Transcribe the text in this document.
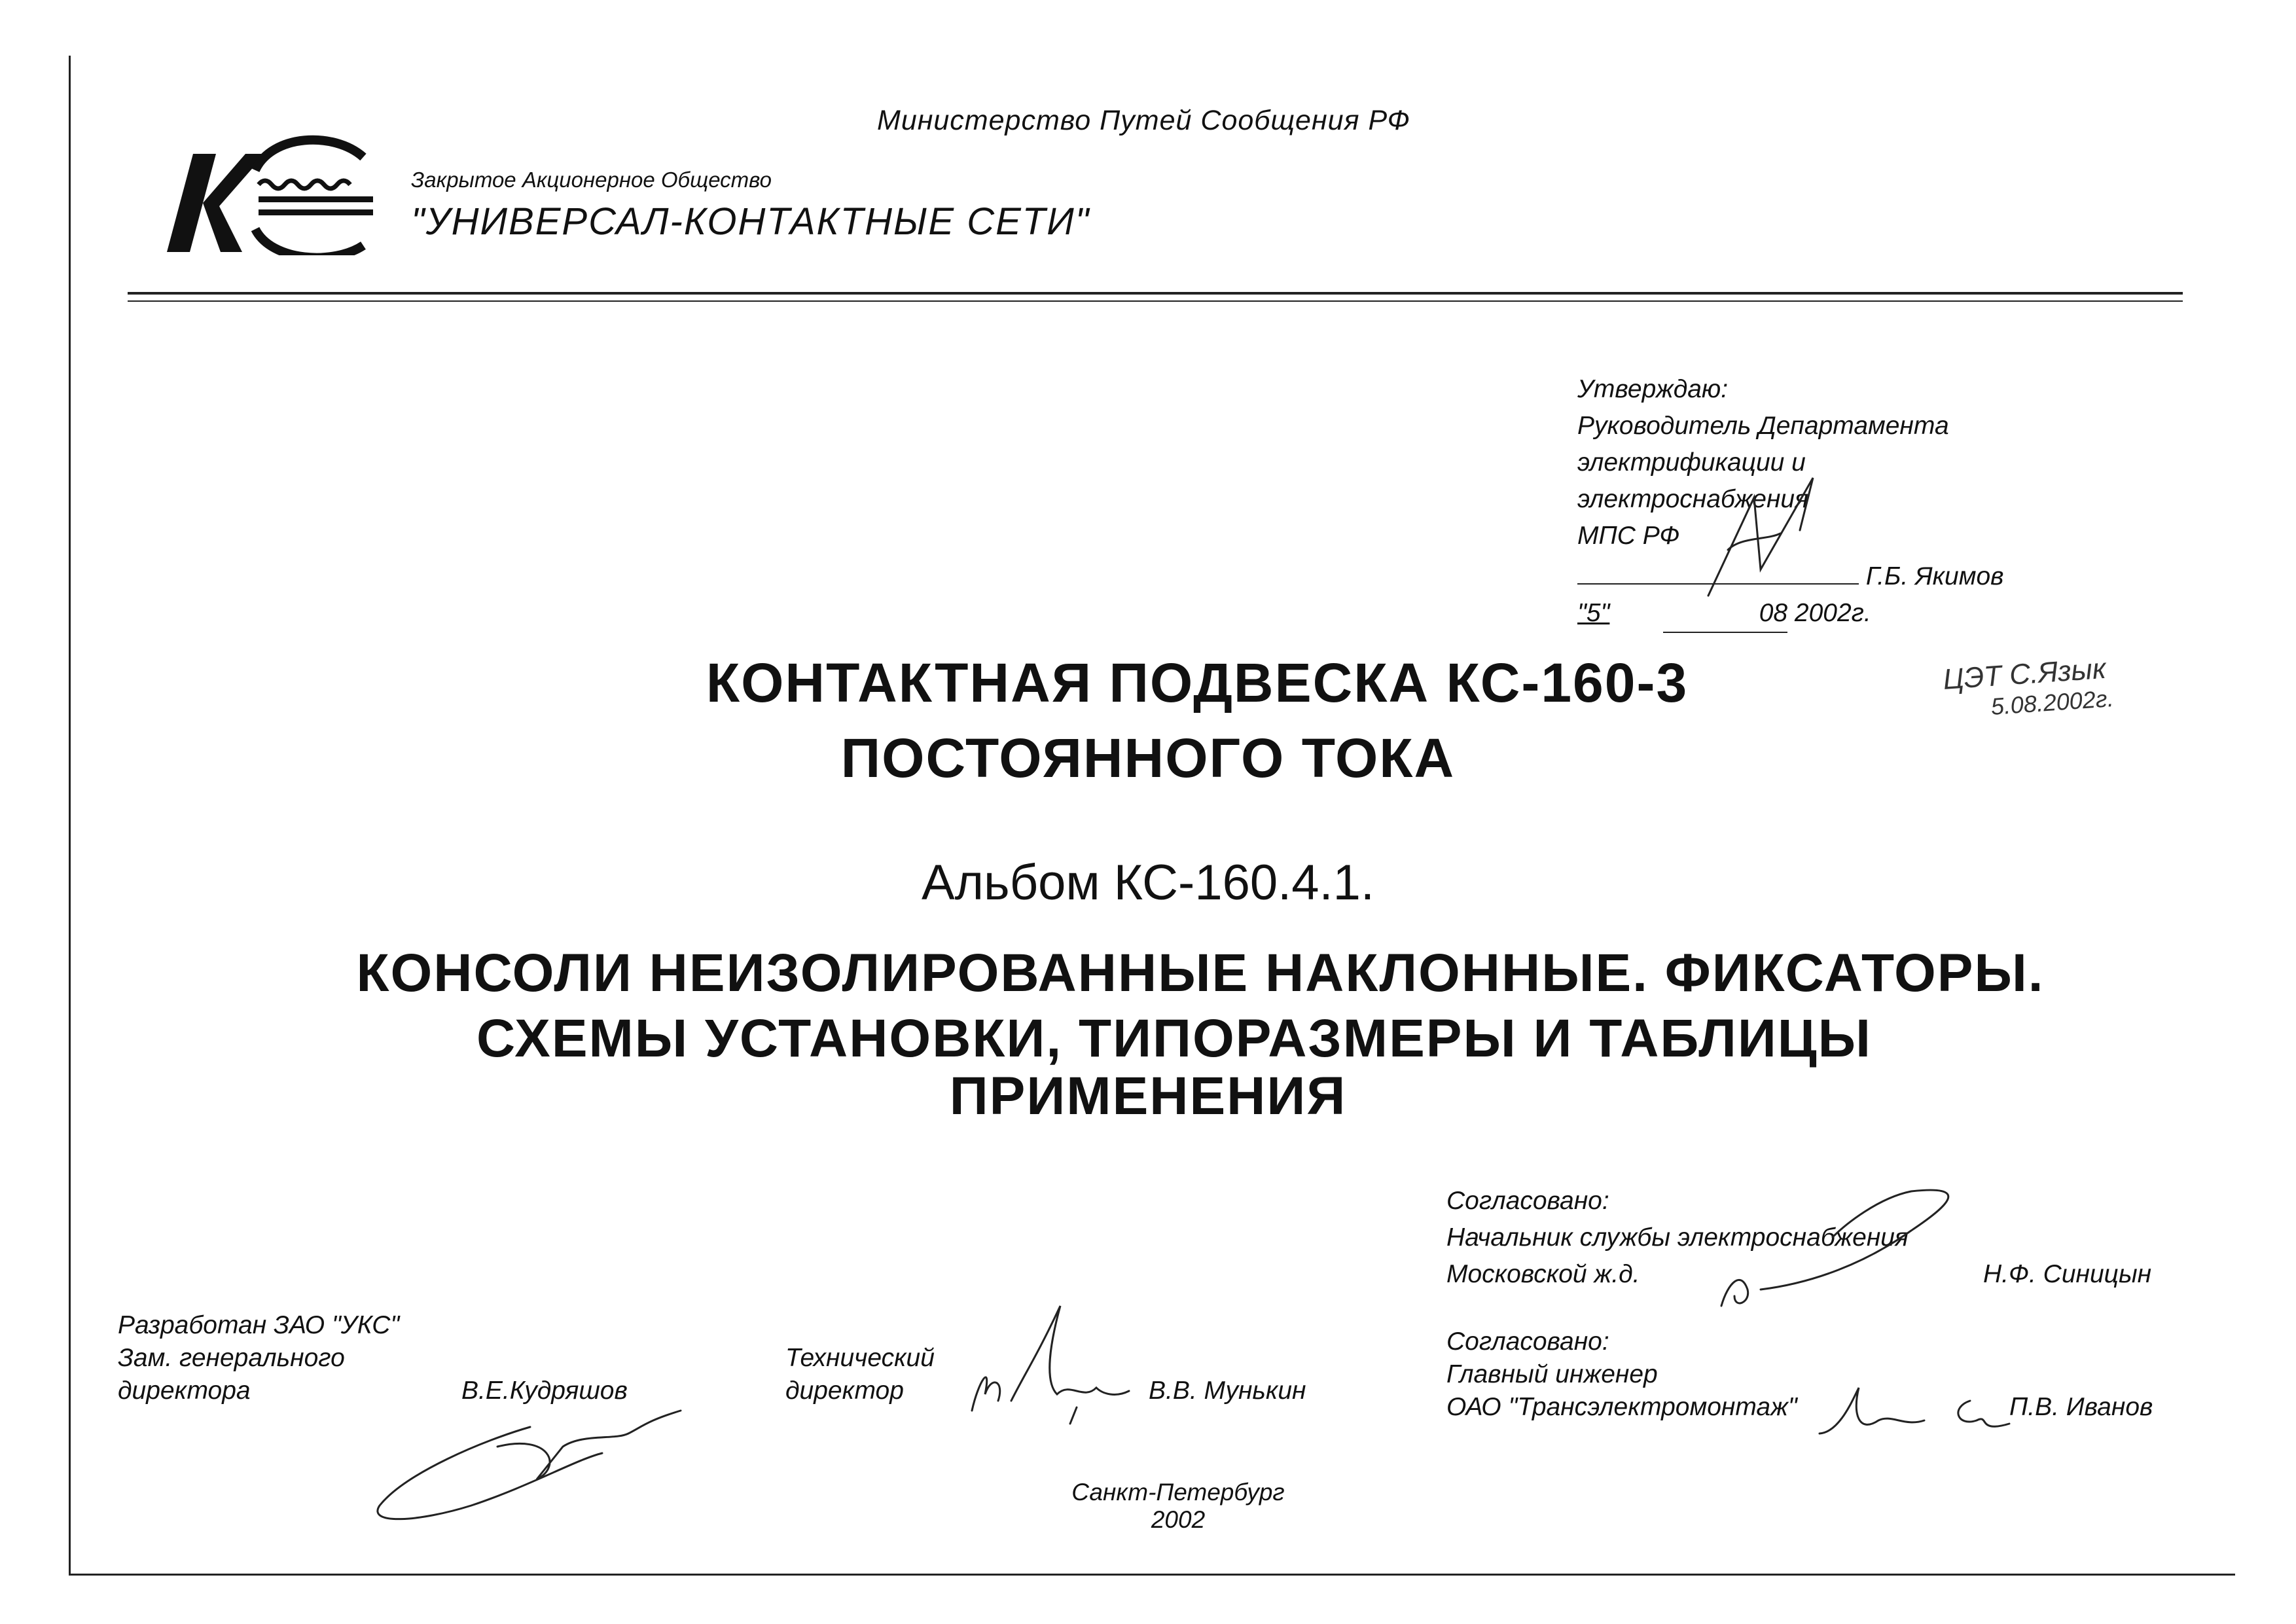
Министерство Путей Сообщения РФ
Закрытое Акционерное Общество
"УНИВЕРСАЛ-КОНТАКТНЫЕ СЕТИ"
Утверждаю:
Руководитель Департамента
электрификации и
электроснабжения
МПС РФ
Г.Б. Якимов
"5"	08 2002г.
ЦЭТ С.Язык
5.08.2002г.
КОНТАКТНАЯ ПОДВЕСКА КС-160-3
ПОСТОЯННОГО ТОКА
Альбом КС-160.4.1.
КОНСОЛИ НЕИЗОЛИРОВАННЫЕ НАКЛОННЫЕ. ФИКСАТОРЫ.
СХЕМЫ УСТАНОВКИ, ТИПОРАЗМЕРЫ И ТАБЛИЦЫ
ПРИМЕНЕНИЯ
Согласовано:
Начальник службы электроснабжения
Московской ж.д.	Н.Ф. Синицын
Согласовано:
Главный инженер
ОАО "Трансэлектромонтаж"	П.В. Иванов
Разработан ЗАО "УКС"
Зам. генерального
директора	В.Е.Кудряшов
Технический
директор	В.В. Мунькин
Санкт-Петербург
2002
